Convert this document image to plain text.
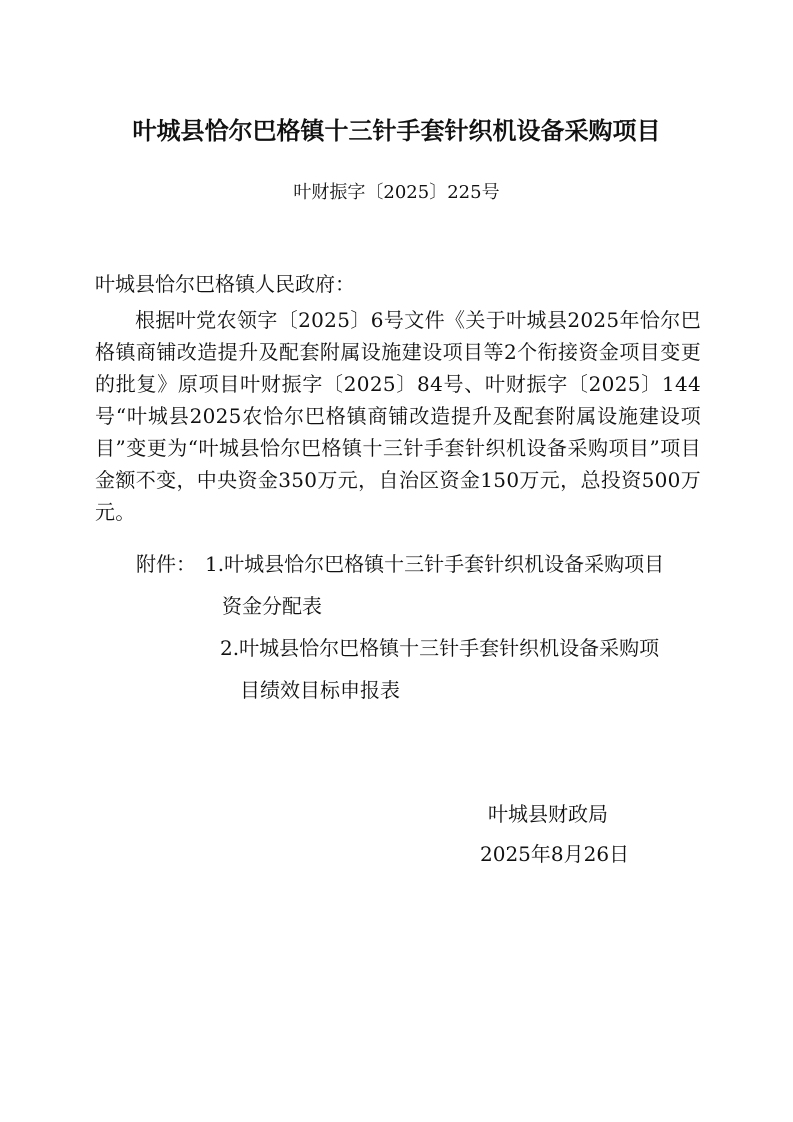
叶城县恰尔巴格镇十三针手套针织机设备采购项目
叶财振字〔2025〕225号
叶城县恰尔巴格镇人民政府：
根据叶党农领字〔2025〕6号文件《关于叶城县2025年恰尔巴格镇商铺改造提升及配套附属设施建设项目等2个衔接资金项目变更的批复》原项目叶财振字〔2025〕84号、叶财振字〔2025〕144号“叶城县2025农恰尔巴格镇商铺改造提升及配套附属设施建设项目”变更为“叶城县恰尔巴格镇十三针手套针织机设备采购项目”项目金额不变，中央资金350万元，自治区资金150万元，总投资500万元。
附件： 1.叶城县恰尔巴格镇十三针手套针织机设备采购项目
资金分配表
2.叶城县恰尔巴格镇十三针手套针织机设备采购项
目绩效目标申报表
叶城县财政局
2025年8月26日
